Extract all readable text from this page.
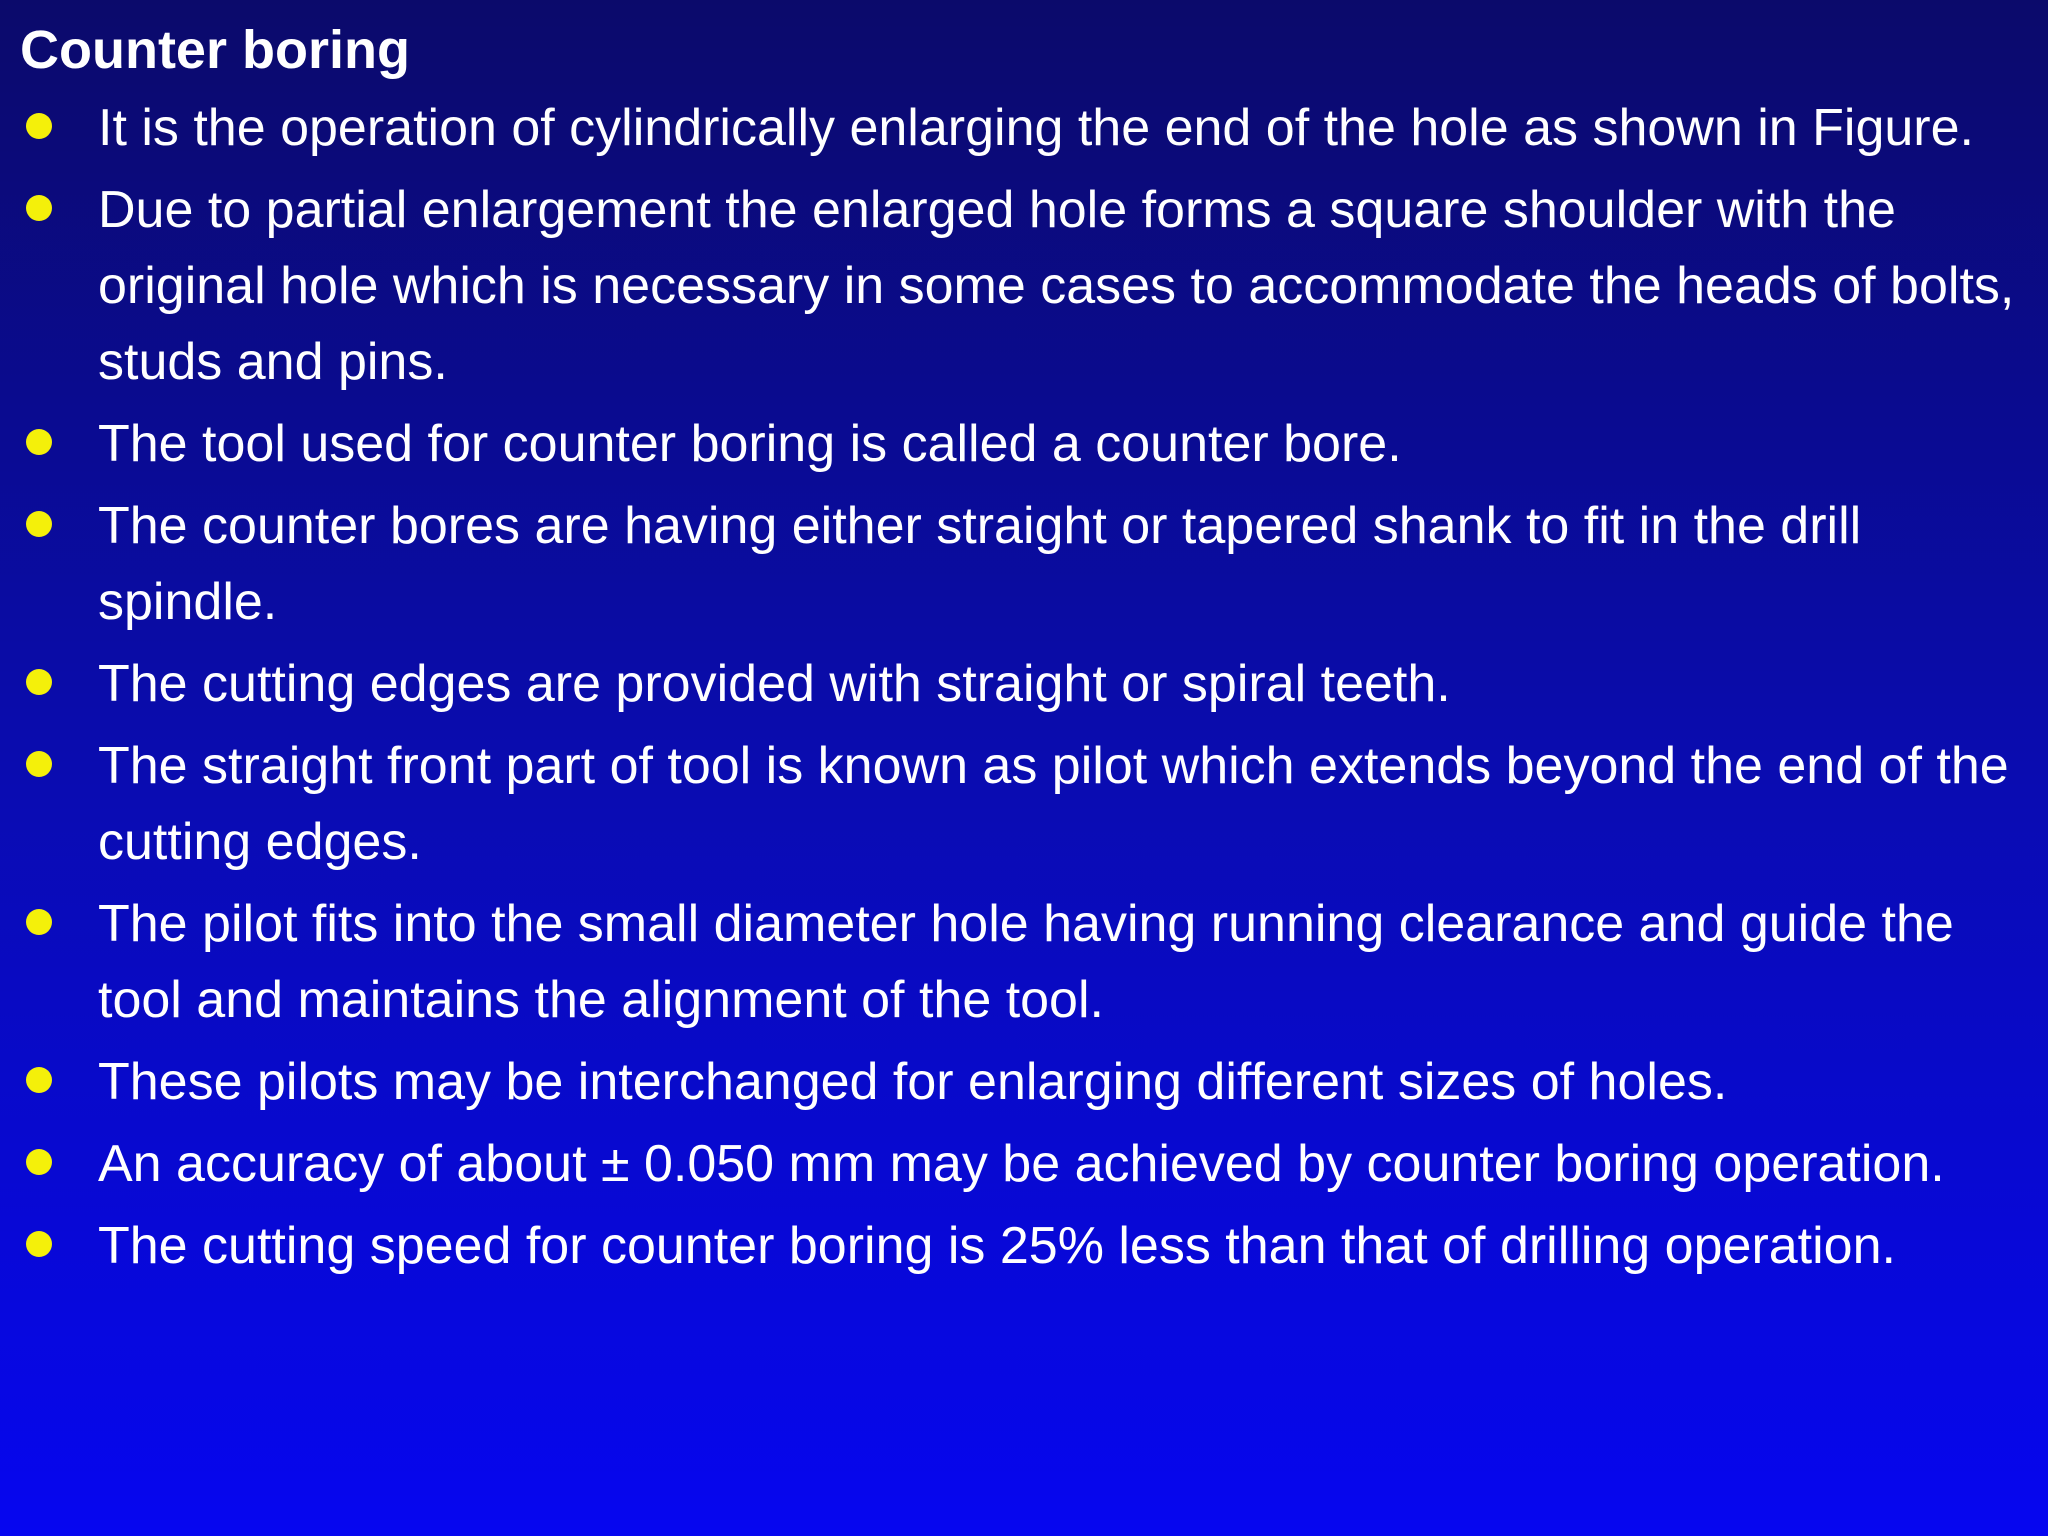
Counter boring
It is the operation of cylindrically enlarging the end of the hole as shown in Figure.
Due to partial enlargement the enlarged hole forms a square shoulder with the original hole which is necessary in some cases to accommodate the heads of bolts, studs and pins.
The tool used for counter boring is called a counter bore.
The counter bores are having either straight or tapered shank to fit in the drill spindle.
The cutting edges are provided with straight or spiral teeth.
The straight front part of tool is known as pilot which extends beyond the end of the cutting edges.
The pilot fits into the small diameter hole having running clearance and guide the tool and maintains the alignment of the tool.
These pilots may be interchanged for enlarging different sizes of holes.
An accuracy of about ± 0.050 mm may be achieved by counter boring operation.
The cutting speed for counter boring is 25% less than that of drilling operation.
